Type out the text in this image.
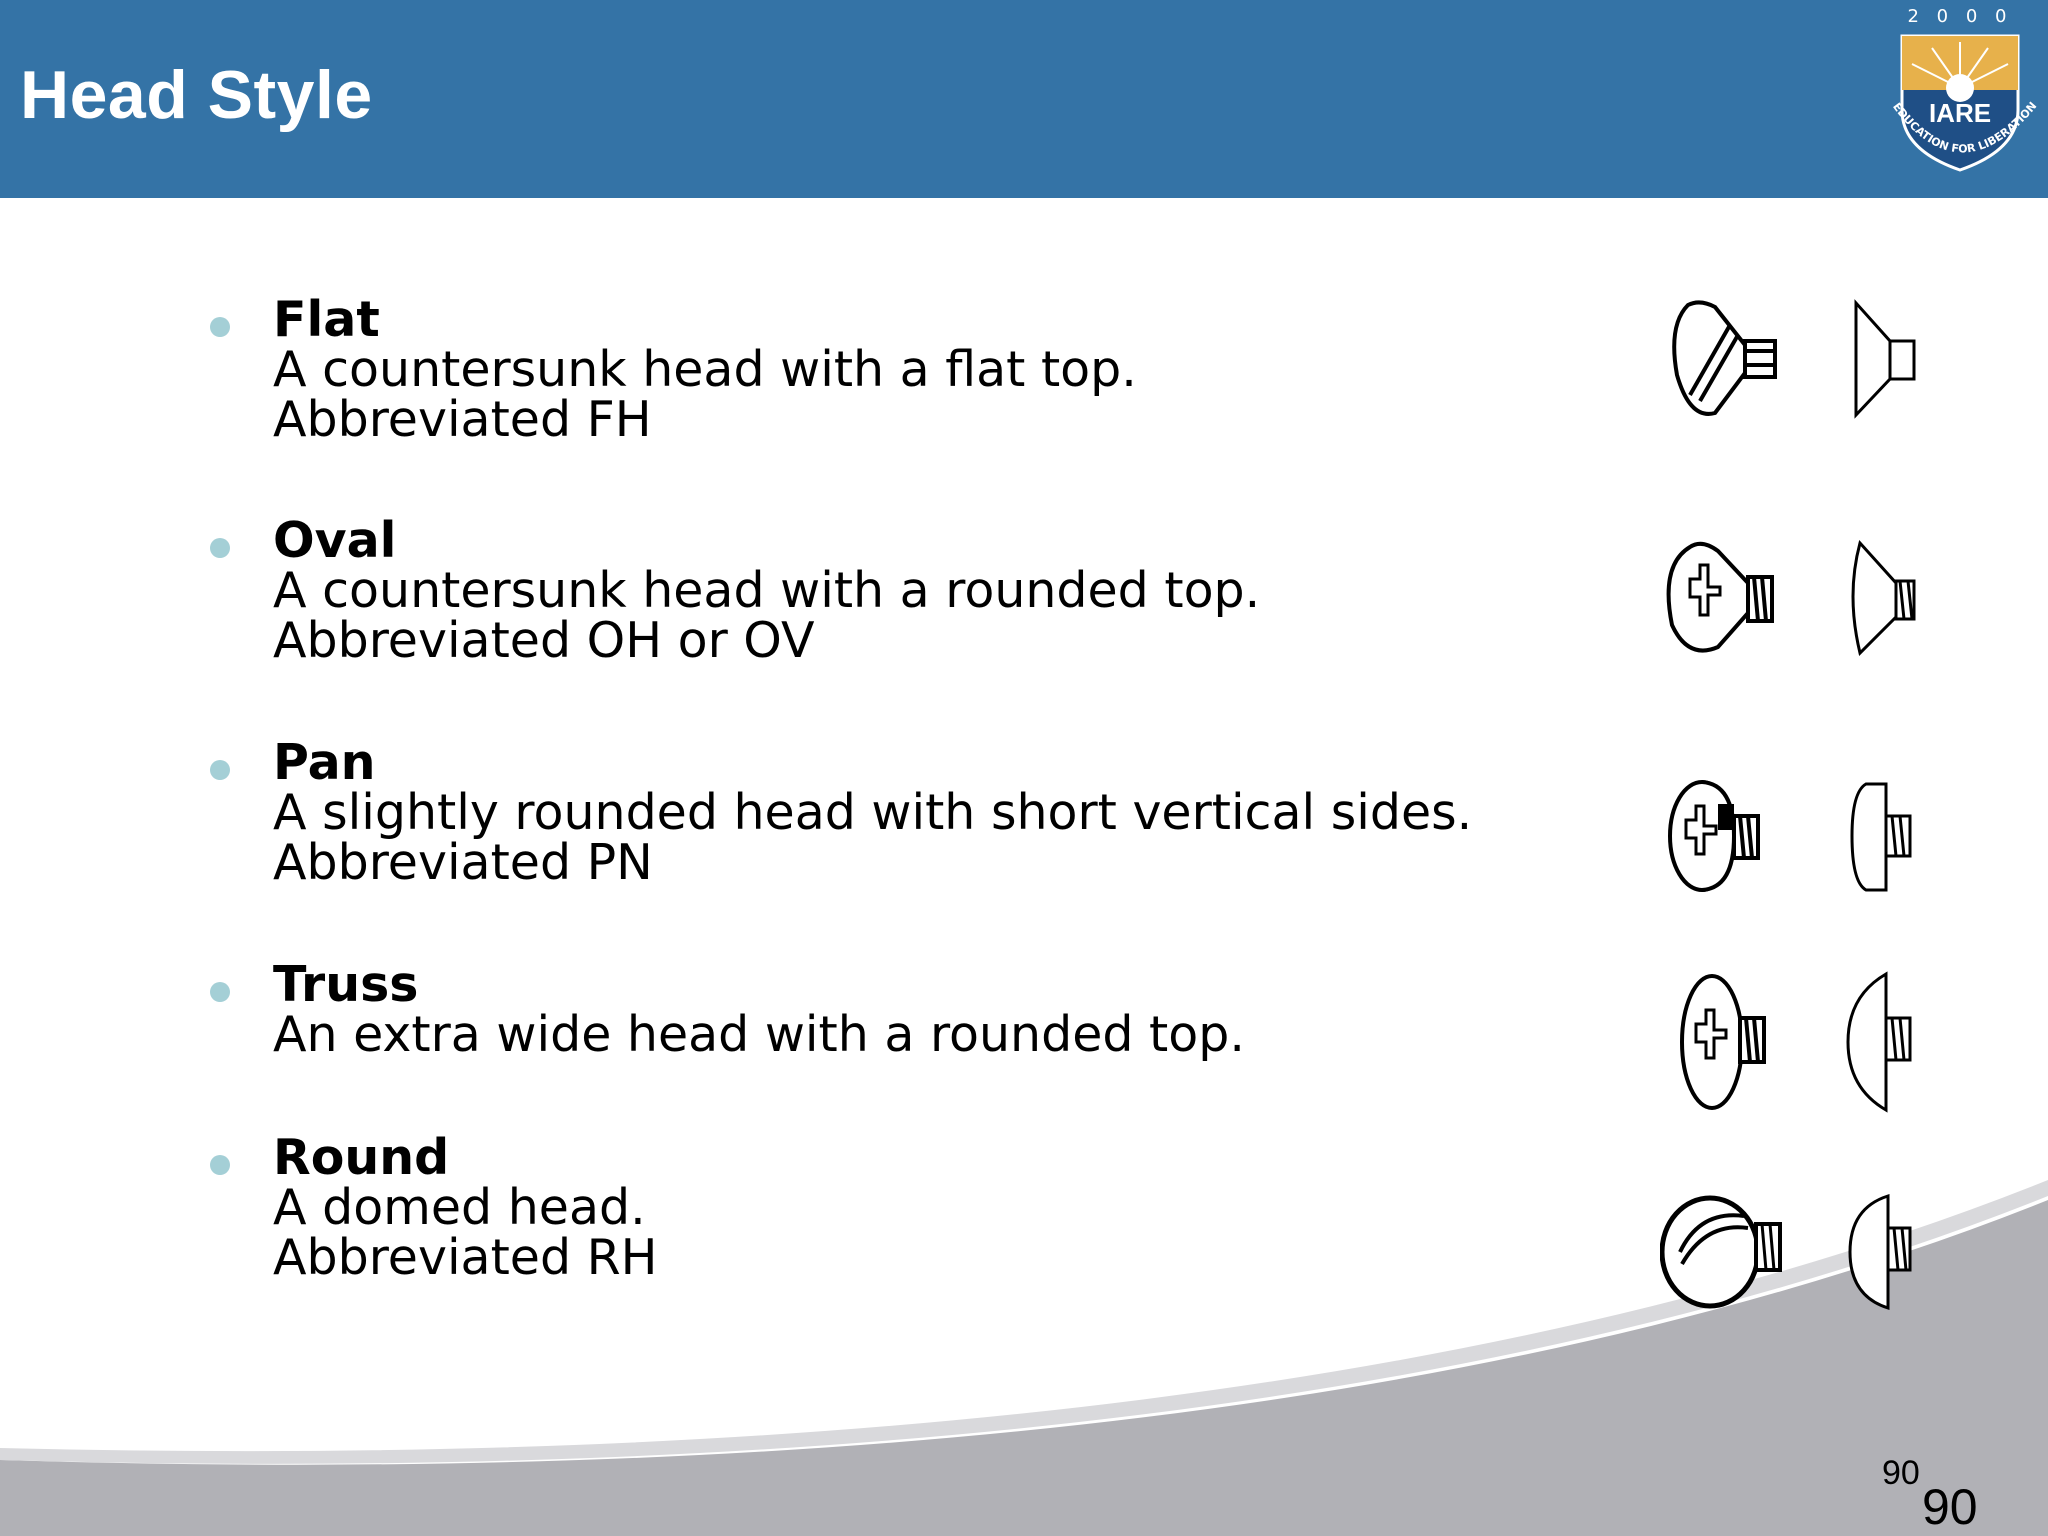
Head Style
2 0 0 0
IARE
EDUCATION FOR LIBERATION
Flat
A countersunk head with a flat top.
Abbreviated FH
Oval
A countersunk head with a rounded top.
Abbreviated OH or OV
Pan
A slightly rounded head with short vertical sides.
Abbreviated PN
Truss
An extra wide head with a rounded top.
Round
A domed head.
Abbreviated RH
90
90
